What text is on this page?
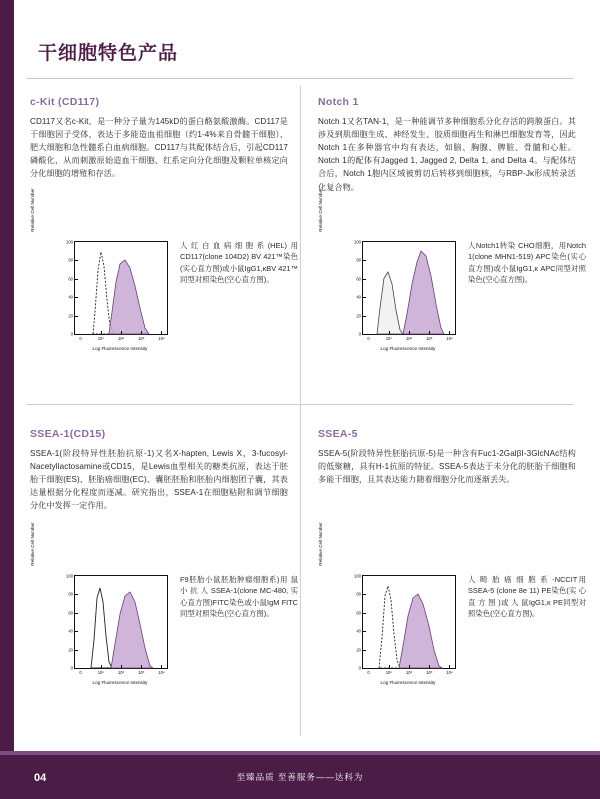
干细胞特色产品
c-Kit (CD117)
CD117又名c-Kit，是一种分子量为145kD的蛋白酪氨酸激酶。CD117是干细胞因子受体，表达于多能造血祖细胞（约1-4%来自骨髓干细胞）、肥大细胞和急性髓系白血病细胞。CD117与其配体结合后，引起CD117磷酸化，从而刺激原始造血干细胞、红系定向分化细胞及颗粒单核定向分化细胞的增殖和存活。
Relative Cell Number
0
20
40
60
80
100
0	10¹	10²	10³	10⁴
Log Fluorescence Intensity
人红白血病细胞系(HEL)用CD117(clone 104D2) BV 421™染色(实心直方图)或小鼠IgG1,κBV 421™同型对照染色(空心直方图)。
Notch 1
Notch 1又名TAN-1，是一种能调节多种细胞系分化存活的跨膜蛋白。其涉及到肌细胞生成、神经发生、胶质细胞再生和淋巴细胞发育等，因此Notch 1在多种器官中均有表达，如脑、胸腺、脾脏、骨髓和心脏。Notch 1的配体有Jagged 1, Jagged 2, Delta 1, and Delta 4。与配体结合后，Notch 1胞内区域被剪切后转移到细胞核，与RBP-Jκ形成转录活化复合物。
Relative Cell Number
0
20
40
60
80
100
0	10¹	10²	10³	10⁴
Log Fluorescence Intensity
人Notch1转染 CHO细胞，用Notch 1(clone MHN1-519) APC染色(实心直方图)或小鼠IgG1,κ APC同型对照染色(空心直方图)。
SSEA-1(CD15)
SSEA-1(阶段特异性胚胎抗原-1)又名X-hapten, Lewis X，3-fucosyl-Nacetyllactosamine或CD15，是Lewis血型相关的糖类抗原，表达于胚胎干细胞(ES)、胚胎癌细胞(EC)、囊胚胚胎和胚胎内细胞团子囊，其表达量根据分化程度而逐减。研究指出，SSEA-1在细胞粘附和调节细胞分化中发挥一定作用。
Relative Cell Number
0
20
40
60
80
100
0	10¹	10²	10³	10⁴
Log Fluorescence Intensity
F9胚胎小鼠胚胎肿瘤细胞系)用 鼠 小 抗 人 SSEA-1(clone MC-480, 实心直方图)FITC染色或小鼠IgM FITC同型对照染色(空心直方图)。
SSEA-5
SSEA-5(阶段特异性胚胎抗原-5)是一种含有Fuc1-2GalβI-3GlcNAc结构的低聚糖，具有H-1抗原的特征。SSEA-5表达于未分化的胚胎干细胞和多能干细胞，且其表达能力随着细胞分化而逐渐丢失。
Relative Cell Number
0
20
40
60
80
100
0	10¹	10²	10³	10⁴
Log Fluorescence Intensity
人 畸 胎 癌 细 胞 系 -NCCIT用SSEA-5 (clone 8e 11) PE染色(实 心 直 方 图 )或 人 鼠IgG1,κ PE同型对照染色(空心直方图)。
04	至臻品质 至善服务——达科为
